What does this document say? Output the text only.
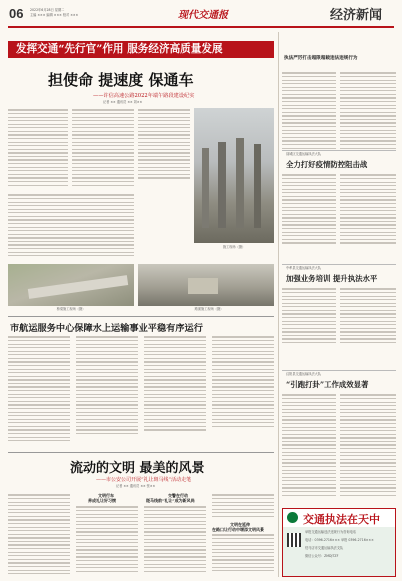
06 2022年6月28日 星期二
主编 ××× 编辑 ××× 校对 ×××	现代交通报	经济新闻
发挥交通“先行官”作用 服务经济高质量发展
担使命 提速度 保通车
——许信高速公路2022年端午路段建设纪实
记者 ×× 通讯员 ×× 刘××
施工现场（摄）
桥梁施工现场（摄）	路面施工现场（摄）
市航运服务中心保障水上运输事业平稳有序运行
流动的文明 最美的风景
——市公安公司开展“礼让斑马线”活动走笔
记者 ×× 通讯员 ×× 张××
文明行车
养成礼让好习惯
交警在行动
斑马线前“礼让”成为新风尚
文明在延伸
在路口让行动中增添文明风景
执法严厉打击超限超载违法违规行为
禄城区交通运输执法大队
全力打好疫情防控阻击战
中牟县交通运输执法大队
加强业务培训 提升执法水平
汉阳县交通运输执法大队
“引跑打卦”工作成效显著
交通执法在天中
举报交通运输违法违规行为咨询电话
电话：0396-2716××× 举报 0396-2716×××
驻马店市交通运输执法支队
微信公众号：ZMDJTZF
